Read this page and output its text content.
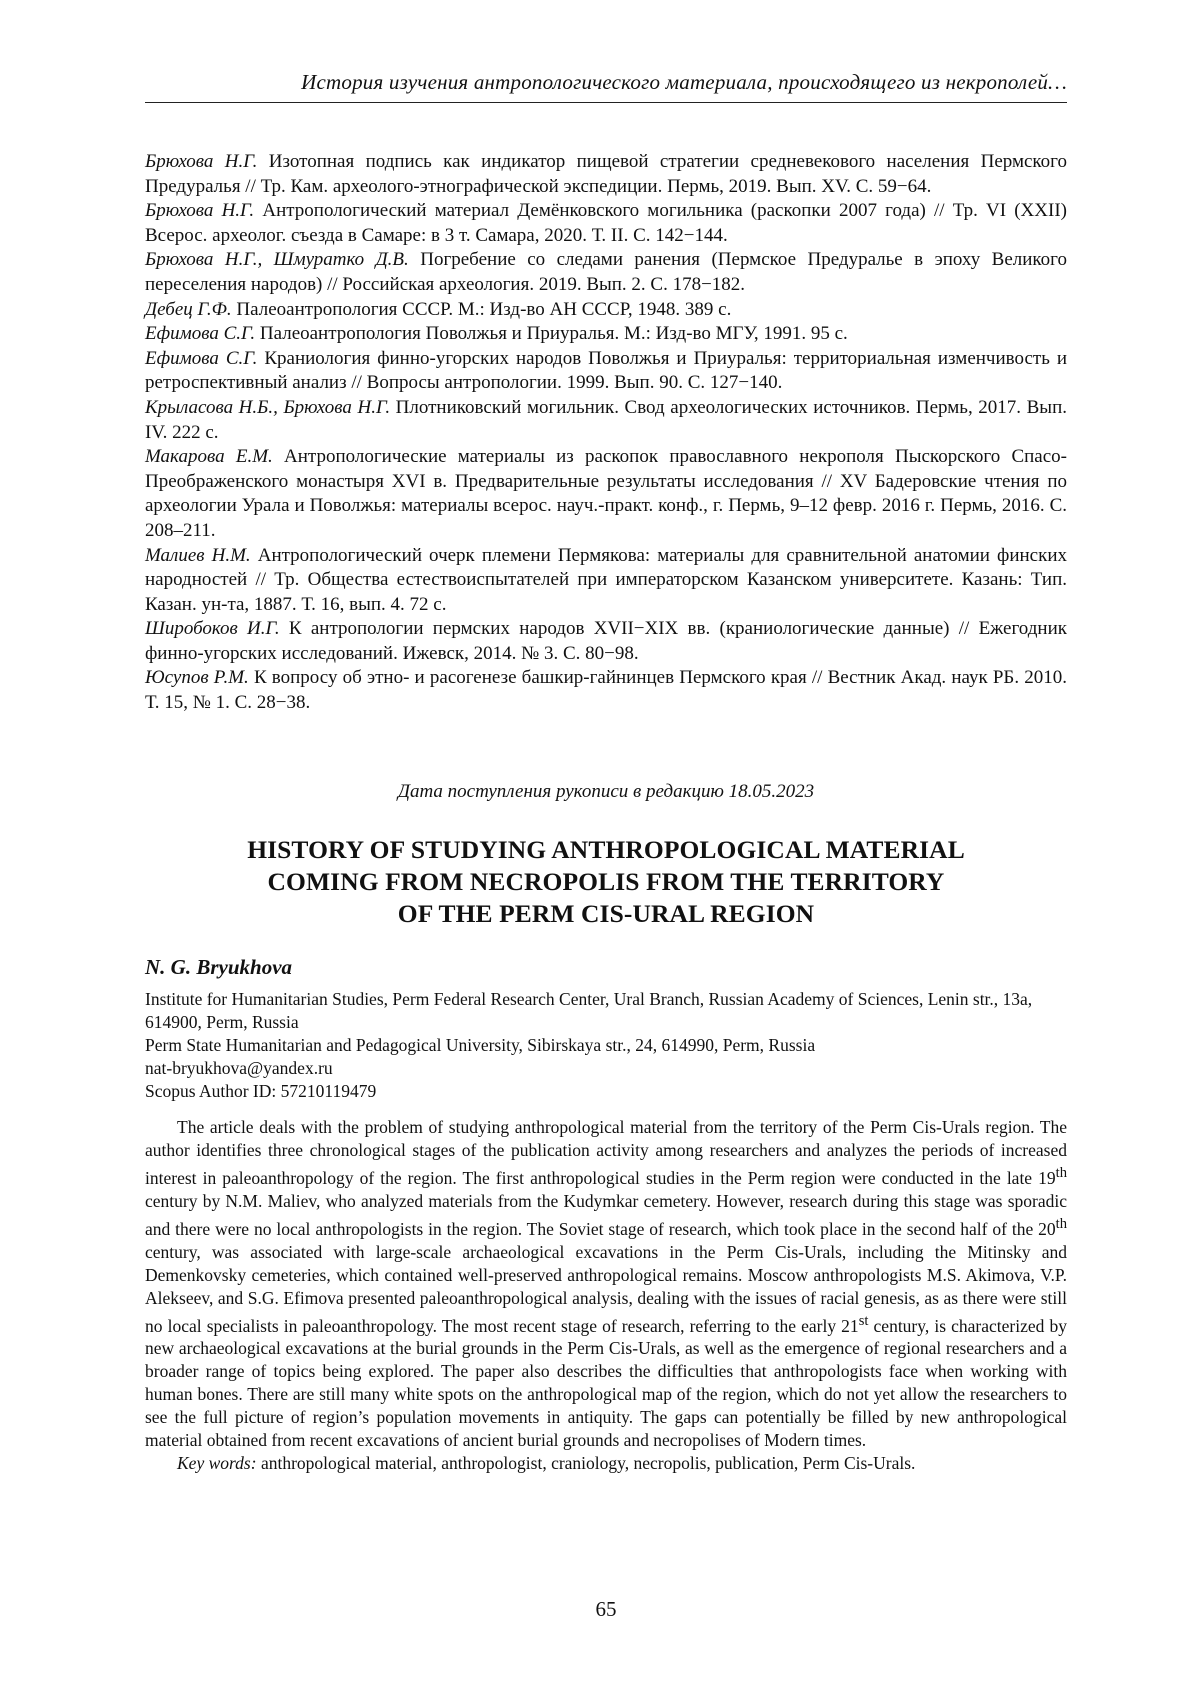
История изучения антропологического материала, происходящего из некрополей…

Брюхова Н.Г. Изотопная подпись как индикатор пищевой стратегии средневекового населения Пермского Предуралья // Тр. Кам. археолого-этнографической экспедиции. Пермь, 2019. Вып. XV. С. 59−64.

Брюхова Н.Г. Антропологический материал Демёнковского могильника (раскопки 2007 года) // Тр. VI (XXII) Всерос. археолог. съезда в Самаре: в 3 т. Самара, 2020. Т. II. С. 142−144.

Брюхова Н.Г., Шмуратко Д.В. Погребение со следами ранения (Пермское Предуралье в эпоху Великого переселения народов) // Российская археология. 2019. Вып. 2. С. 178−182.

Дебец Г.Ф. Палеоантропология СССР. М.: Изд-во АН СССР, 1948. 389 с.

Ефимова С.Г. Палеоантропология Поволжья и Приуралья. М.: Изд-во МГУ, 1991. 95 с.

Ефимова С.Г. Краниология финно-угорских народов Поволжья и Приуралья: территориальная изменчивость и ретроспективный анализ // Вопросы антропологии. 1999. Вып. 90. С. 127−140.

Крыласова Н.Б., Брюхова Н.Г. Плотниковский могильник. Свод археологических источников. Пермь, 2017. Вып. IV. 222 с.

Макарова Е.М. Антропологические материалы из раскопок православного некрополя Пыскорского Спасо-Преображенского монастыря XVI в. Предварительные результаты исследования // XV Бадеровские чтения по археологии Урала и Поволжья: материалы всерос. науч.-практ. конф., г. Пермь, 9–12 февр. 2016 г. Пермь, 2016. С. 208–211.

Малиев Н.М. Антропологический очерк племени Пермякова: материалы для сравнительной анатомии финских народностей // Тр. Общества естествоиспытателей при императорском Казанском университете. Казань: Тип. Казан. ун-та, 1887. Т. 16, вып. 4. 72 с.

Широбоков И.Г. К антропологии пермских народов XVII−XIX вв. (краниологические данные) // Ежегодник финно-угорских исследований. Ижевск, 2014. № 3. С. 80−98.

Юсупов Р.М. К вопросу об этно- и расогенезе башкир-гайнинцев Пермского края // Вестник Акад. наук РБ. 2010. Т. 15, № 1. С. 28−38.

Дата поступления рукописи в редакцию 18.05.2023
HISTORY OF STUDYING ANTHROPOLOGICAL MATERIAL
COMING FROM NECROPOLIS FROM THE TERRITORY
OF THE PERM CIS-URAL REGION
N. G. Bryukhova
Institute for Humanitarian Studies, Perm Federal Research Center, Ural Branch, Russian Academy of Sciences, Lenin str., 13a, 614900, Perm, Russia
Perm State Humanitarian and Pedagogical University, Sibirskaya str., 24, 614990, Perm, Russia
nat-bryukhova@yandex.ru
Scopus Author ID: 57210119479

The article deals with the problem of studying anthropological material from the territory of the Perm Cis-Urals region. The author identifies three chronological stages of the publication activity among researchers and analyzes the periods of increased interest in paleoanthropology of the region. The first anthropological studies in the Perm region were conducted in the late 19th century by N.M. Maliev, who analyzed materials from the Kudymkar cemetery. However, research during this stage was sporadic and there were no local anthropologists in the region. The Soviet stage of research, which took place in the second half of the 20th century, was associated with large-scale archaeological excavations in the Perm Cis-Urals, including the Mitinsky and Demenkovsky cemeteries, which contained well-preserved anthropological remains. Moscow anthropologists M.S. Akimova, V.P. Alekseev, and S.G. Efimova presented paleoanthropological analysis, dealing with the issues of racial genesis, as as there were still no local specialists in paleoanthropology. The most recent stage of research, referring to the early 21st century, is characterized by new archaeological excavations at the burial grounds in the Perm Cis-Urals, as well as the emergence of regional researchers and a broader range of topics being explored. The paper also describes the difficulties that anthropologists face when working with human bones. There are still many white spots on the anthropological map of the region, which do not yet allow the researchers to see the full picture of region’s population movements in antiquity. The gaps can potentially be filled by new anthropological material obtained from recent excavations of ancient burial grounds and necropolises of Modern times.

Key words: anthropological material, anthropologist, craniology, necropolis, publication, Perm Cis-Urals.

65
